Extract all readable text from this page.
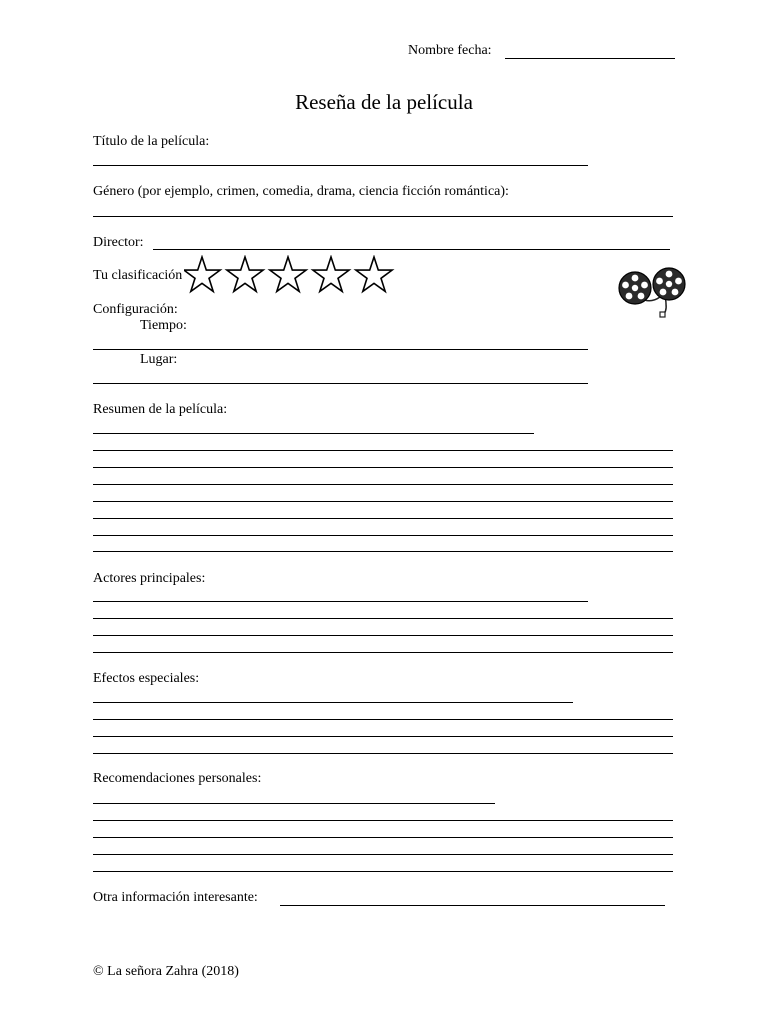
Nombre fecha:
Reseña de la película
Título de la película:
Género (por ejemplo, crimen, comedia, drama, ciencia ficción romántica):
Director:
Tu clasificación
Configuración:
Tiempo:
Lugar:
Resumen de la película:
Actores principales:
Efectos especiales:
Recomendaciones personales:
Otra información interesante:
© La señora Zahra (2018)
